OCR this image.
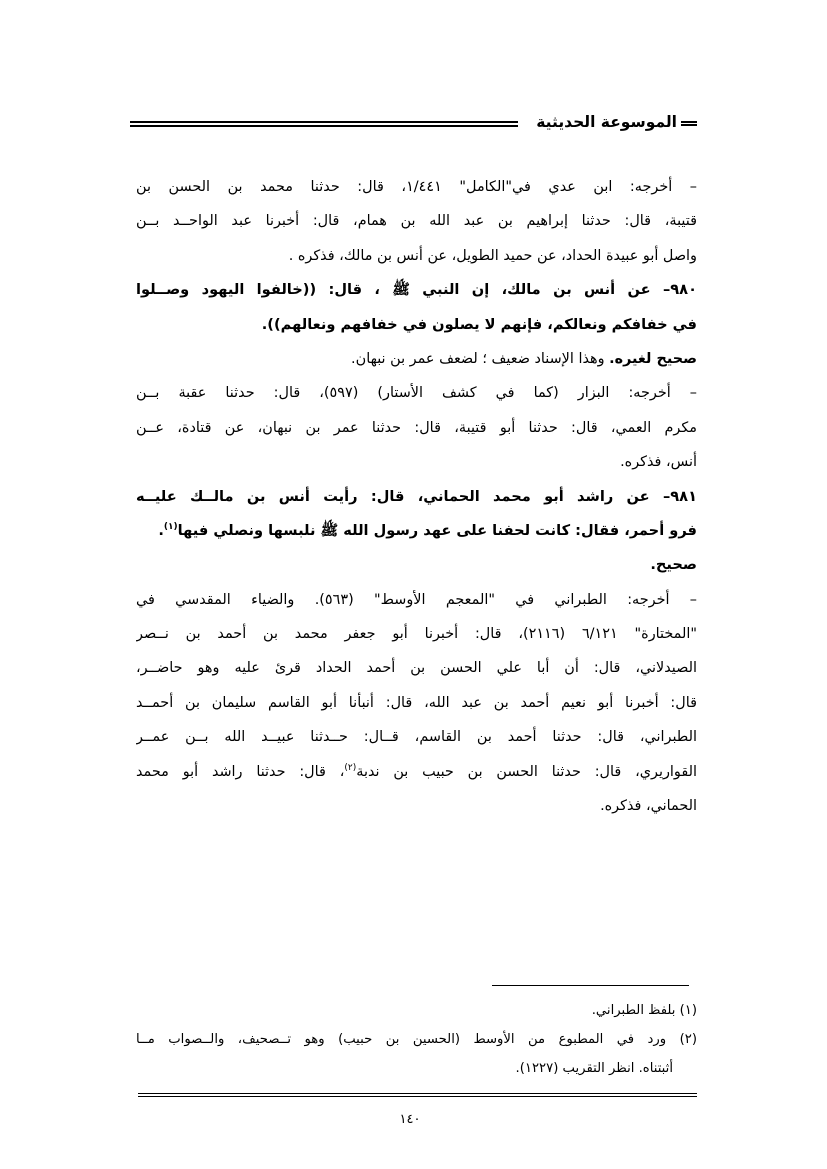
الموسوعة الحديثية
– أخرجه: ابن عدي في"الكامل" ١/٤٤١، قال: حدثنا محمد بن الحسن بن
قتيبة، قال: حدثنا إبراهيم بن عبد الله بن همام، قال: أخبرنا عبد الواحــد بــن
واصل أبو عبيدة الحداد، عن حميد الطويل، عن أنس بن مالك، فذكره .
٩٨٠– عن أنس بن مالك، إن النبي ﷺ ، قال: ((خالفوا اليهود وصــلوا
في خفافكم ونعالكم، فإنهم لا يصلون في خفافهم ونعالهم)).
صحيح لغيره. وهذا الإسناد ضعيف ؛ لضعف عمر بن نبهان.
– أخرجه: البزار (كما في كشف الأستار) (٥٩٧)، قال: حدثنا عقبة بــن
مكرم العمي، قال: حدثنا أبو قتيبة، قال: حدثنا عمر بن نبهان، عن قتادة، عــن
أنس، فذكره.
٩٨١– عن راشد أبو محمد الحماني، قال: رأيت أنس بن مالــك عليــه
فرو أحمر، فقال: كانت لحفنا على عهد رسول الله ﷺ نلبسها ونصلي فيها$^{(١)}$.
صحيح.
– أخرجه: الطبراني في "المعجم الأوسط" (٥٦٣). والضياء المقدسي في
"المختارة" ٦/١٢١ (٢١١٦)، قال: أخبرنا أبو جعفر محمد بن أحمد بن نــصر
الصيدلاني، قال: أن أبا علي الحسن بن أحمد الحداد قرئ عليه وهو حاضــر،
قال: أخبرنا أبو نعيم أحمد بن عبد الله، قال: أنبأنا أبو القاسم سليمان بن أحمــد
الطبراني، قال: حدثنا أحمد بن القاسم، قــال: حــدثنا عبيــد الله بــن عمــر
القواريري، قال: حدثنا الحسن بن حبيب بن ندبة$^{(٢)}$، قال: حدثنا راشد أبو محمد
الحماني، فذكره.
(١) بلفظ الطبراني.
(٢) ورد في المطبوع من الأوسط (الحسين بن حبيب) وهو تــصحيف، والــصواب مــا
أثبتناه. انظر التقريب (١٢٢٧).
١٤٠
